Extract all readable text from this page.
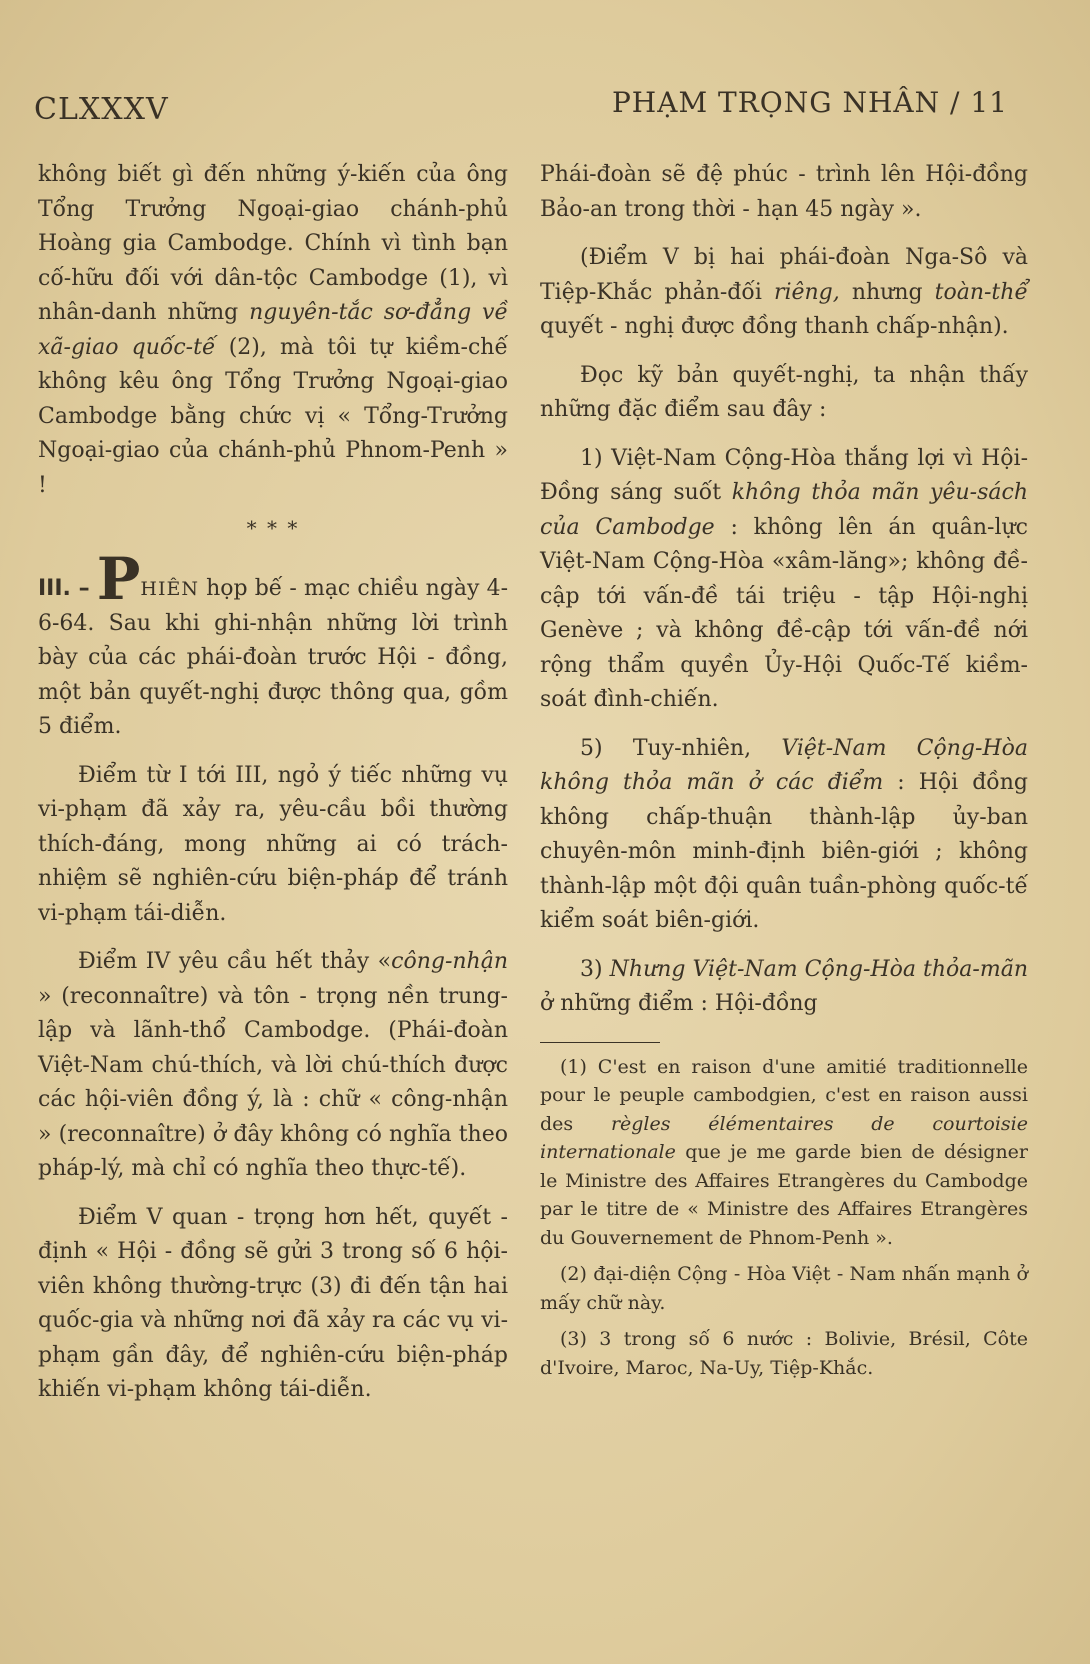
CLXXXV	PHẠM TRỌNG NHÂN / 11

không biết gì đến những ý-kiến của ông Tổng Trưởng Ngoại-giao chánh-phủ Hoàng gia Cambodge. Chính vì tình bạn cố-hữu đối với dân-tộc Cambodge (1), vì nhân-danh những nguyên-tắc sơ-đẳng về xã-giao quốc-tế (2), mà tôi tự kiềm-chế không kêu ông Tổng Trưởng Ngoại-giao Cambodge bằng chức vị « Tổng-Trưởng Ngoại-giao của chánh-phủ Phnom-Penh » !

* * *

III. – PHIÊN họp bế - mạc chiều ngày 4-6-64. Sau khi ghi-nhận những lời trình bày của các phái-đoàn trước Hội - đồng, một bản quyết-nghị được thông qua, gồm 5 điểm.

Điểm từ I tới III, ngỏ ý tiếc những vụ vi-phạm đã xảy ra, yêu-cầu bồi thường thích-đáng, mong những ai có trách-nhiệm sẽ nghiên-cứu biện-pháp để tránh vi-phạm tái-diễn.

Điểm IV yêu cầu hết thảy «công-nhận » (reconnaître) và tôn - trọng nền trung-lập và lãnh-thổ Cambodge. (Phái-đoàn Việt-Nam chú-thích, và lời chú-thích được các hội-viên đồng ý, là : chữ « công-nhận » (reconnaître) ở đây không có nghĩa theo pháp-lý, mà chỉ có nghĩa theo thực-tế).

Điểm V quan - trọng hơn hết, quyết - định « Hội - đồng sẽ gửi 3 trong số 6 hội-viên không thường-trực (3) đi đến tận hai quốc-gia và những nơi đã xảy ra các vụ vi-phạm gần đây, để nghiên-cứu biện-pháp khiến vi-phạm không tái-diễn.

Phái-đoàn sẽ đệ phúc - trình lên Hội-đồng Bảo-an trong thời - hạn 45 ngày ».

(Điểm V bị hai phái-đoàn Nga-Sô và Tiệp-Khắc phản-đối riêng, nhưng toàn-thể quyết - nghị được đồng thanh chấp-nhận).

Đọc kỹ bản quyết-nghị, ta nhận thấy những đặc điểm sau đây :

1) Việt-Nam Cộng-Hòa thắng lợi vì Hội-Đồng sáng suốt không thỏa mãn yêu-sách của Cambodge : không lên án quân-lực Việt-Nam Cộng-Hòa «xâm-lăng»; không đề-cập tới vấn-đề tái triệu - tập Hội-nghị Genève ; và không đề-cập tới vấn-đề nới rộng thẩm quyền Ủy-Hội Quốc-Tế kiềm-soát đình-chiến.

5) Tuy-nhiên, Việt-Nam Cộng-Hòa không thỏa mãn ở các điểm : Hội đồng không chấp-thuận thành-lập ủy-ban chuyên-môn minh-định biên-giới ; không thành-lập một đội quân tuần-phòng quốc-tế kiểm soát biên-giới.

3) Nhưng Việt-Nam Cộng-Hòa thỏa-mãn ở những điểm : Hội-đồng

(1) C'est en raison d'une amitié traditionnelle pour le peuple cambodgien, c'est en raison aussi des règles élémentaires de courtoisie internationale que je me garde bien de désigner le Ministre des Affaires Etrangères du Cambodge par le titre de « Ministre des Affaires Etrangères du Gouvernement de Phnom-Penh ».

(2) đại-diện Cộng - Hòa Việt - Nam nhấn mạnh ở mấy chữ này.

(3) 3 trong số 6 nước : Bolivie, Brésil, Côte d'Ivoire, Maroc, Na-Uy, Tiệp-Khắc.
